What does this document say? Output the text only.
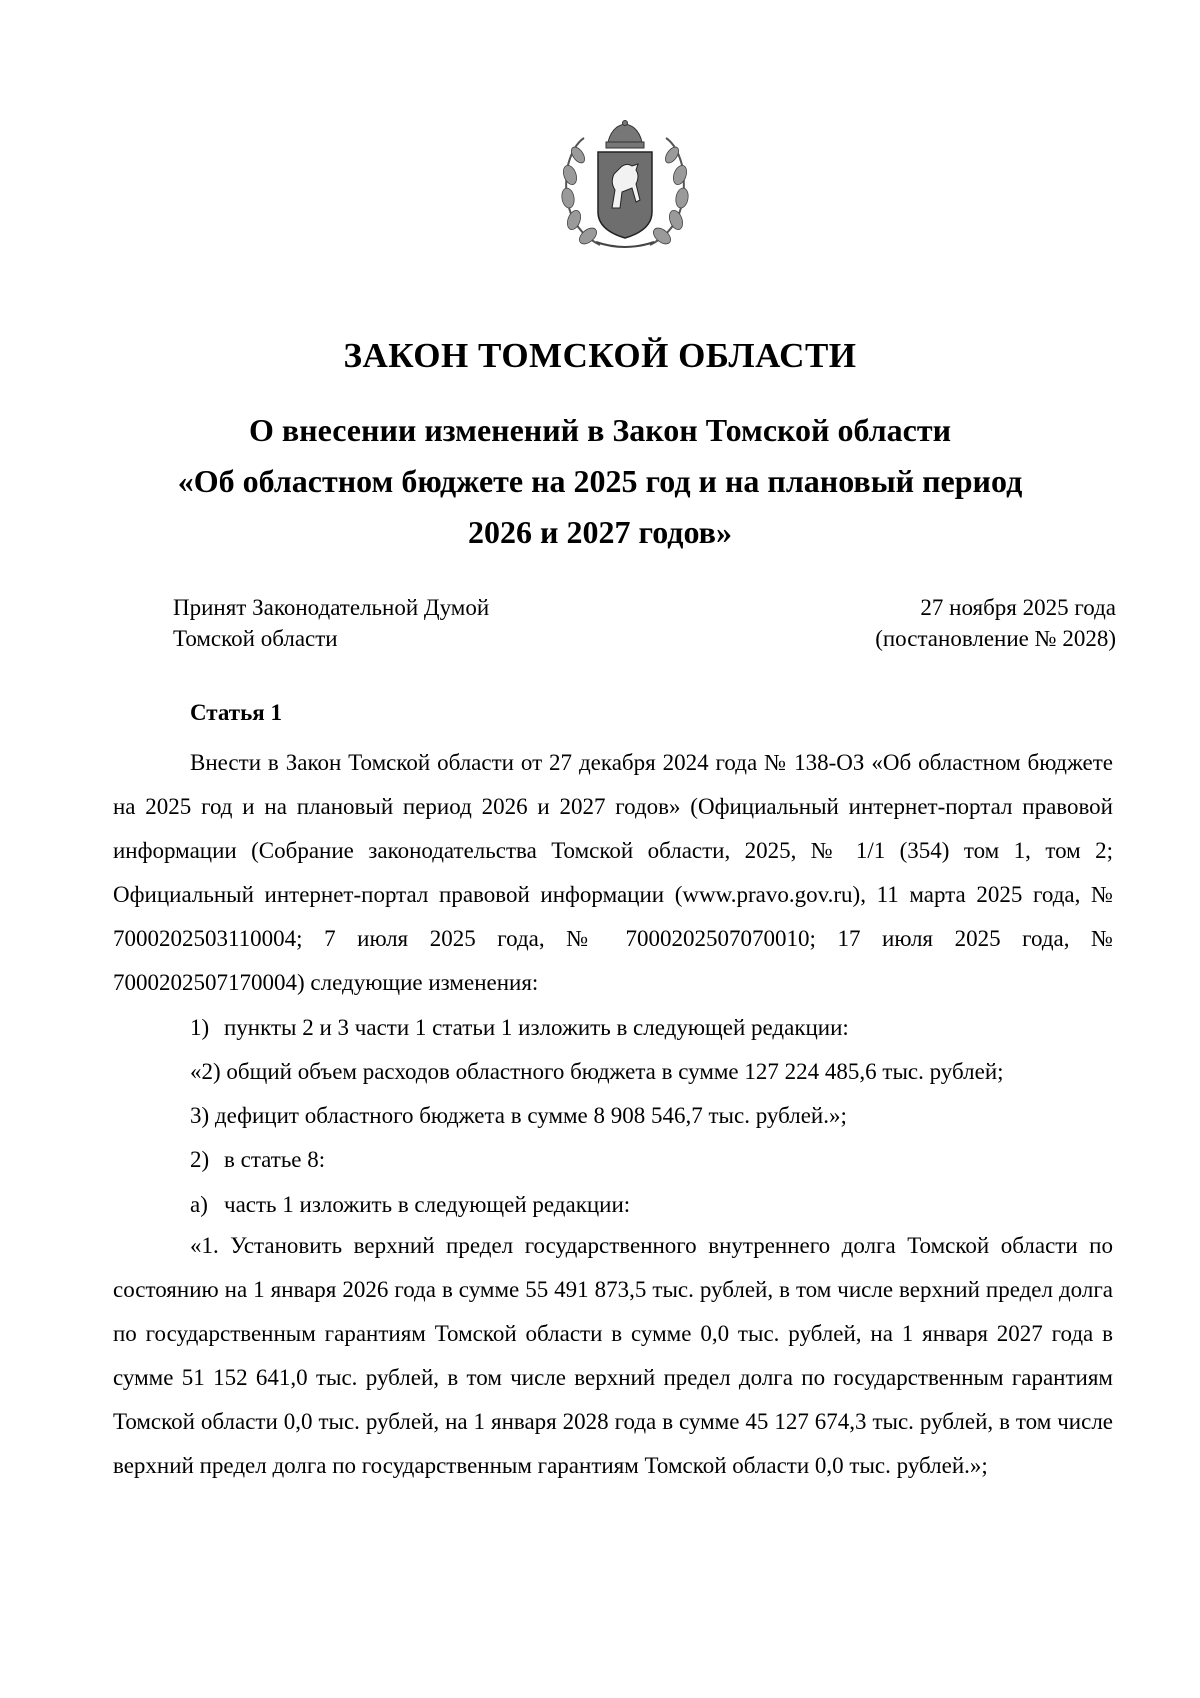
ЗАКОН ТОМСКОЙ ОБЛАСТИ
О внесении изменений в Закон Томской области
«Об областном бюджете на 2025 год и на плановый период
2026 и 2027 годов»
Принят Законодательной Думой
Томской области
27 ноября 2025 года
(постановление № 2028)
Статья 1

Внести в Закон Томской области от 27 декабря 2024 года № 138-ОЗ «Об областном бюджете на 2025 год и на плановый период 2026 и 2027 годов» (Официальный интернет-портал правовой информации (Собрание законодательства Томской области, 2025, № 1/1 (354) том 1, том 2; Официальный интернет-портал правовой информации (www.pravo.gov.ru), 11 марта 2025 года, № 7000202503110004; 7 июля 2025 года, № 7000202507070010; 17 июля 2025 года, № 7000202507170004) следующие изменения:

1) пункты 2 и 3 части 1 статьи 1 изложить в следующей редакции:

«2) общий объем расходов областного бюджета в сумме 127 224 485,6 тыс. рублей;

3) дефицит областного бюджета в сумме 8 908 546,7 тыс. рублей.»;

2) в статье 8:

а) часть 1 изложить в следующей редакции:

«1. Установить верхний предел государственного внутреннего долга Томской области по состоянию на 1 января 2026 года в сумме 55 491 873,5 тыс. рублей, в том числе верхний предел долга по государственным гарантиям Томской области в сумме 0,0 тыс. рублей, на 1 января 2027 года в сумме 51 152 641,0 тыс. рублей, в том числе верхний предел долга по государственным гарантиям Томской области 0,0 тыс. рублей, на 1 января 2028 года в сумме 45 127 674,3 тыс. рублей, в том числе верхний предел долга по государственным гарантиям Томской области 0,0 тыс. рублей.»;
